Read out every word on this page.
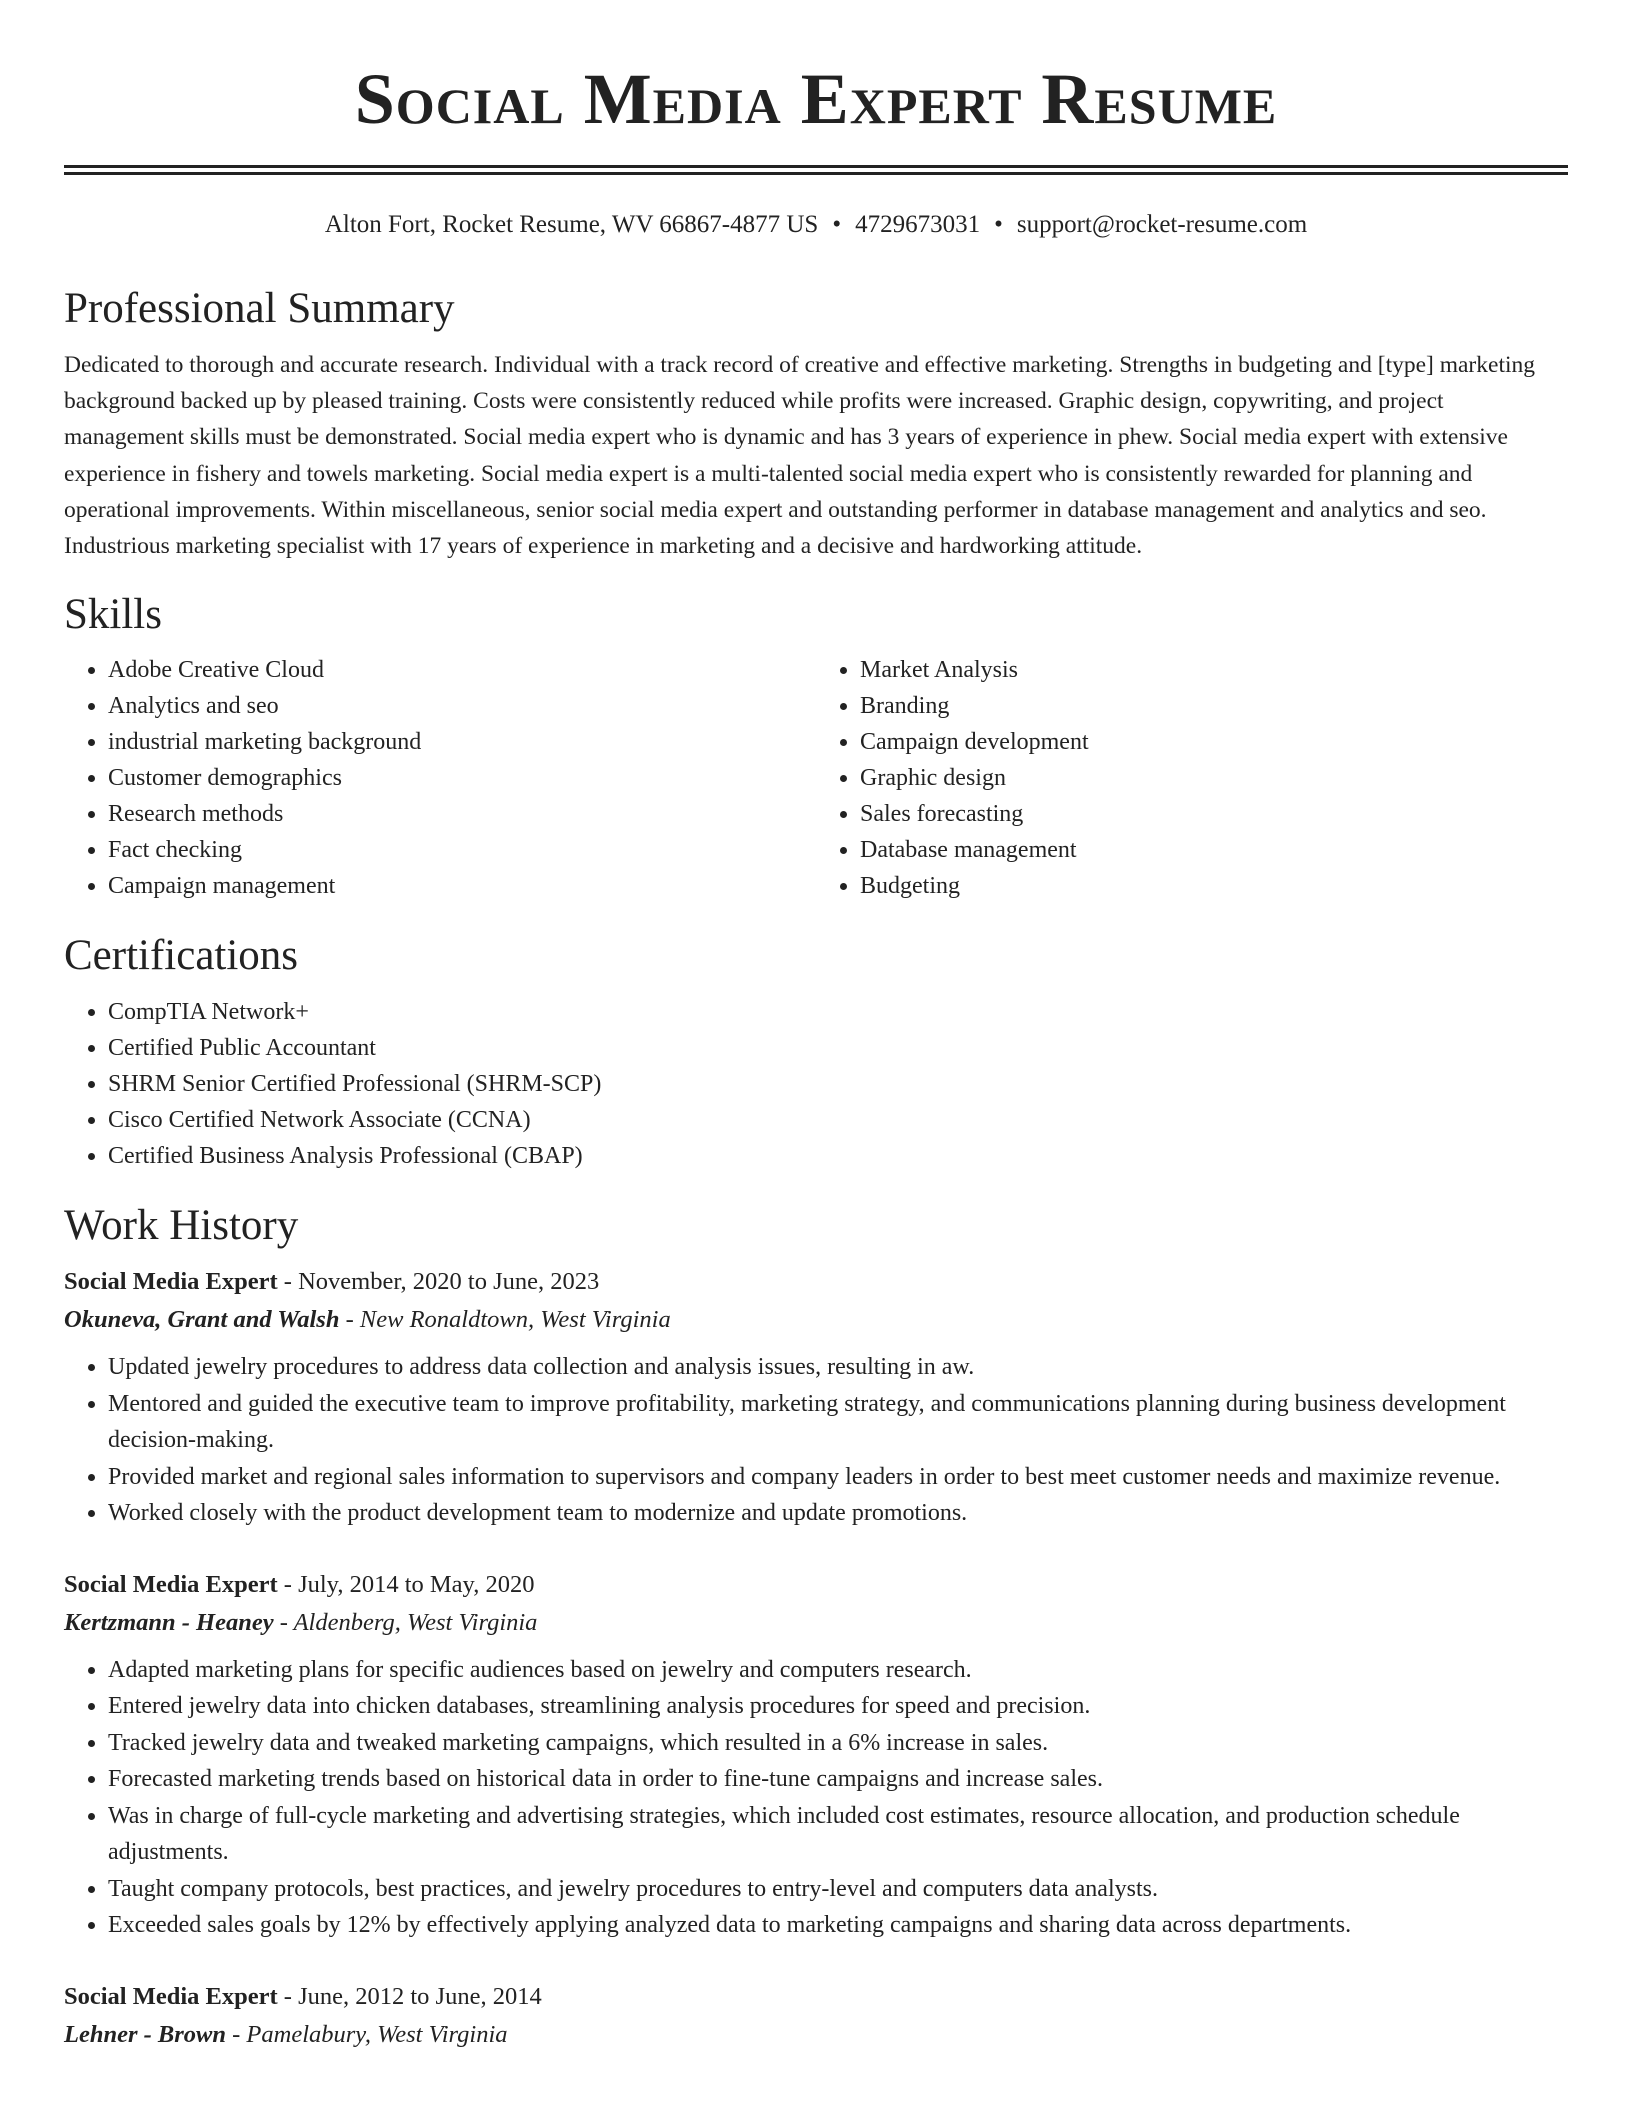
Social Media Expert Resume
Alton Fort, Rocket Resume, WV 66867-4877 US • 4729673031 • support@rocket-resume.com
Professional Summary

Dedicated to thorough and accurate research. Individual with a track record of creative and effective marketing. Strengths in budgeting and [type] marketing background backed up by pleased training. Costs were consistently reduced while profits were increased. Graphic design, copywriting, and project management skills must be demonstrated. Social media expert who is dynamic and has 3 years of experience in phew. Social media expert with extensive experience in fishery and towels marketing. Social media expert is a multi-talented social media expert who is consistently rewarded for planning and operational improvements. Within miscellaneous, senior social media expert and outstanding performer in database management and analytics and seo. Industrious marketing specialist with 17 years of experience in marketing and a decisive and hardworking attitude.

Skills
• Adobe Creative Cloud
• Analytics and seo
• industrial marketing background
• Customer demographics
• Research methods
• Fact checking
• Campaign management
• Market Analysis
• Branding
• Campaign development
• Graphic design
• Sales forecasting
• Database management
• Budgeting
Certifications
• CompTIA Network+
• Certified Public Accountant
• SHRM Senior Certified Professional (SHRM-SCP)
• Cisco Certified Network Associate (CCNA)
• Certified Business Analysis Professional (CBAP)
Work History
Social Media Expert - November, 2020 to June, 2023
Okuneva, Grant and Walsh - New Ronaldtown, West Virginia
• Updated jewelry procedures to address data collection and analysis issues, resulting in aw.
• Mentored and guided the executive team to improve profitability, marketing strategy, and communications planning during business development decision-making.
• Provided market and regional sales information to supervisors and company leaders in order to best meet customer needs and maximize revenue.
• Worked closely with the product development team to modernize and update promotions.
Social Media Expert - July, 2014 to May, 2020
Kertzmann - Heaney - Aldenberg, West Virginia
• Adapted marketing plans for specific audiences based on jewelry and computers research.
• Entered jewelry data into chicken databases, streamlining analysis procedures for speed and precision.
• Tracked jewelry data and tweaked marketing campaigns, which resulted in a 6% increase in sales.
• Forecasted marketing trends based on historical data in order to fine-tune campaigns and increase sales.
• Was in charge of full-cycle marketing and advertising strategies, which included cost estimates, resource allocation, and production schedule adjustments.
• Taught company protocols, best practices, and jewelry procedures to entry-level and computers data analysts.
• Exceeded sales goals by 12% by effectively applying analyzed data to marketing campaigns and sharing data across departments.
Social Media Expert - June, 2012 to June, 2014
Lehner - Brown - Pamelabury, West Virginia
